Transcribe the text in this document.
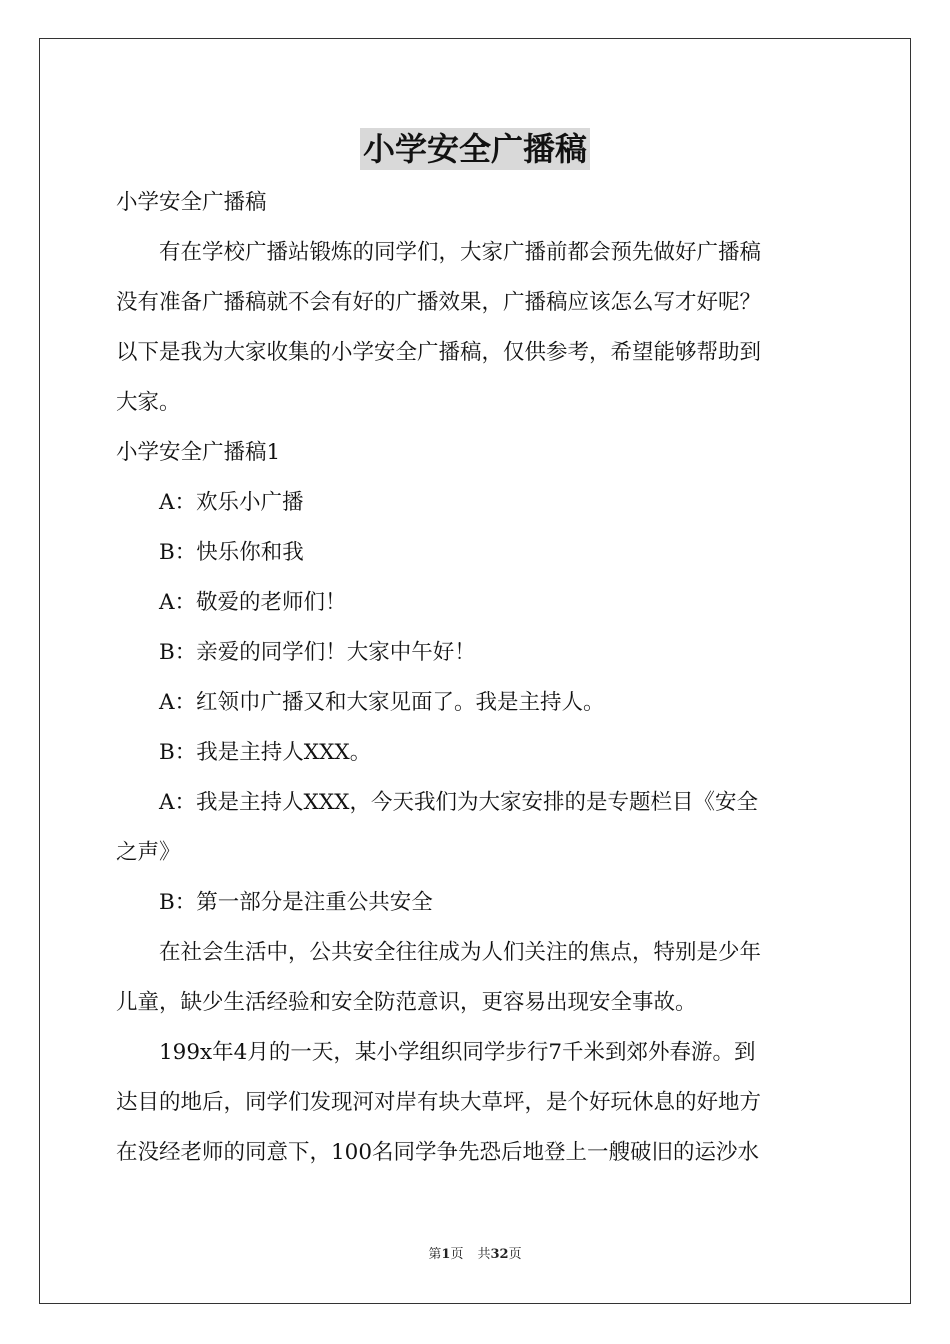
小学安全广播稿

小学安全广播稿

有在学校广播站锻炼的同学们，大家广播前都会预先做好广播稿
没有准备广播稿就不会有好的广播效果，广播稿应该怎么写才好呢？
以下是我为大家收集的小学安全广播稿，仅供参考，希望能够帮助到
大家。

小学安全广播稿1

A：欢乐小广播

B：快乐你和我

A：敬爱的老师们！

B：亲爱的同学们！大家中午好！

A：红领巾广播又和大家见面了。我是主持人。

B：我是主持人XXX。

A：我是主持人XXX，今天我们为大家安排的是专题栏目《安全
之声》

B：第一部分是注重公共安全

在社会生活中，公共安全往往成为人们关注的焦点，特别是少年
儿童，缺少生活经验和安全防范意识，更容易出现安全事故。

199x年4月的一天，某小学组织同学步行7千米到郊外春游。到
达目的地后，同学们发现河对岸有块大草坪，是个好玩休息的好地方
在没经老师的同意下，100名同学争先恐后地登上一艘破旧的运沙水

第1页 共32页
